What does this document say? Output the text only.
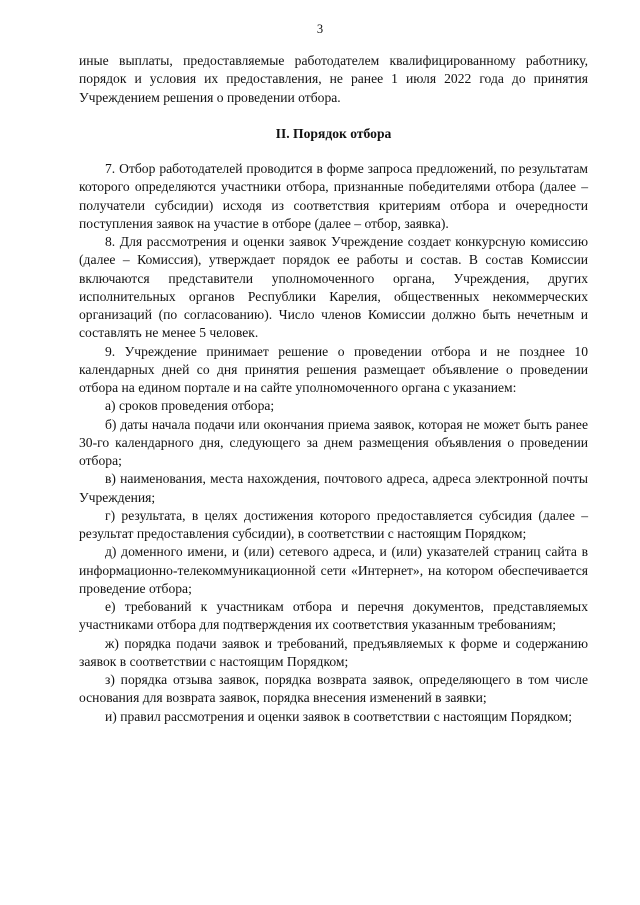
3

иные выплаты, предоставляемые работодателем квалифицированному работнику, порядок и условия их предоставления, не ранее 1 июля 2022 года до принятия Учреждением решения о проведении отбора.

II. Порядок отбора

7. Отбор работодателей проводится в форме запроса предложений, по результатам которого определяются участники отбора, признанные победителями отбора (далее – получатели субсидии) исходя из соответствия критериям отбора и очередности поступления заявок на участие в отборе (далее – отбор, заявка).

8. Для рассмотрения и оценки заявок Учреждение создает конкурсную комиссию (далее – Комиссия), утверждает порядок ее работы и состав. В состав Комиссии включаются представители уполномоченного органа, Учреждения, других исполнительных органов Республики Карелия, общественных некоммерческих организаций (по согласованию). Число членов Комиссии должно быть нечетным и составлять не менее 5 человек.

9. Учреждение принимает решение о проведении отбора и не позднее 10 календарных дней со дня принятия решения размещает объявление о проведении отбора на едином портале и на сайте уполномоченного органа с указанием:

а) сроков проведения отбора;

б) даты начала подачи или окончания приема заявок, которая не может быть ранее 30-го календарного дня, следующего за днем размещения объявления о проведении отбора;

в) наименования, места нахождения, почтового адреса, адреса электронной почты Учреждения;

г) результата, в целях достижения которого предоставляется субсидия (далее – результат предоставления субсидии), в соответствии с настоящим Порядком;

д) доменного имени, и (или) сетевого адреса, и (или) указателей страниц сайта в информационно-телекоммуникационной сети «Интернет», на котором обеспечивается проведение отбора;

е) требований к участникам отбора и перечня документов, представляемых участниками отбора для подтверждения их соответствия указанным требованиям;

ж) порядка подачи заявок и требований, предъявляемых к форме и содержанию заявок в соответствии с настоящим Порядком;

з) порядка отзыва заявок, порядка возврата заявок, определяющего в том числе основания для возврата заявок, порядка внесения изменений в заявки;

и) правил рассмотрения и оценки заявок в соответствии с настоящим Порядком;
